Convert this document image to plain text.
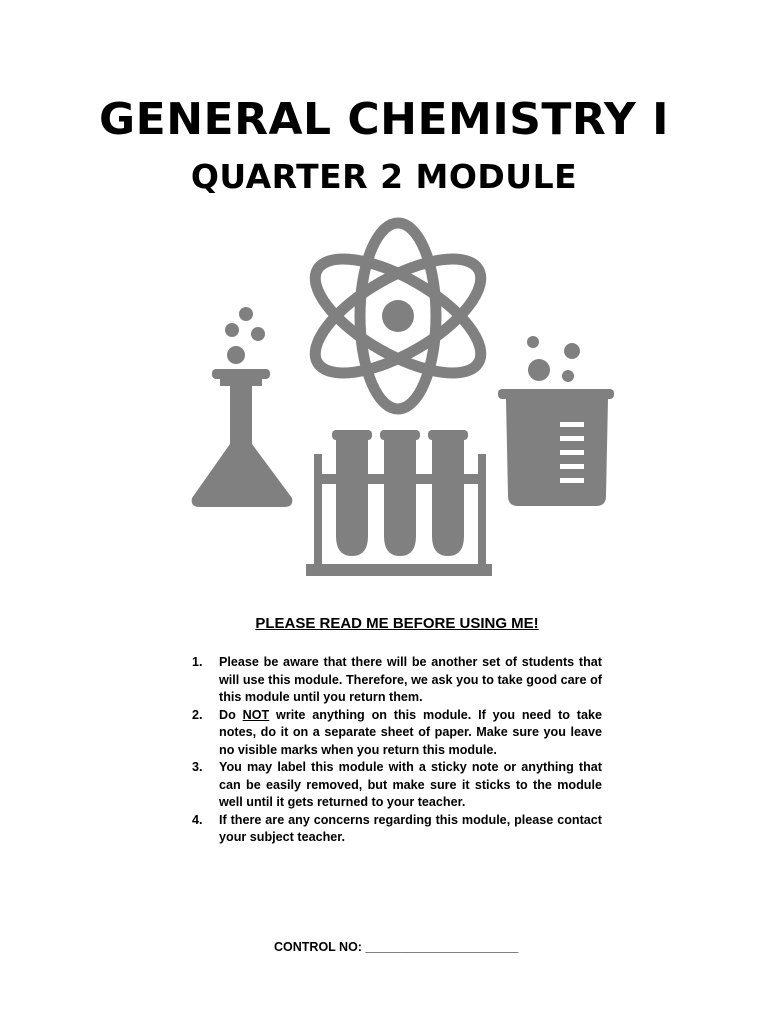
GENERAL CHEMISTRY I
QUARTER 2 MODULE
PLEASE READ ME BEFORE USING ME!
1. Please be aware that there will be another set of students that will use this module. Therefore, we ask you to take good care of this module until you return them.
2. Do NOT write anything on this module. If you need to take notes, do it on a separate sheet of paper. Make sure you leave no visible marks when you return this module.
3. You may label this module with a sticky note or anything that can be easily removed, but make sure it sticks to the module well until it gets returned to your teacher.
4. If there are any concerns regarding this module, please contact your subject teacher.
CONTROL NO: ______________________
